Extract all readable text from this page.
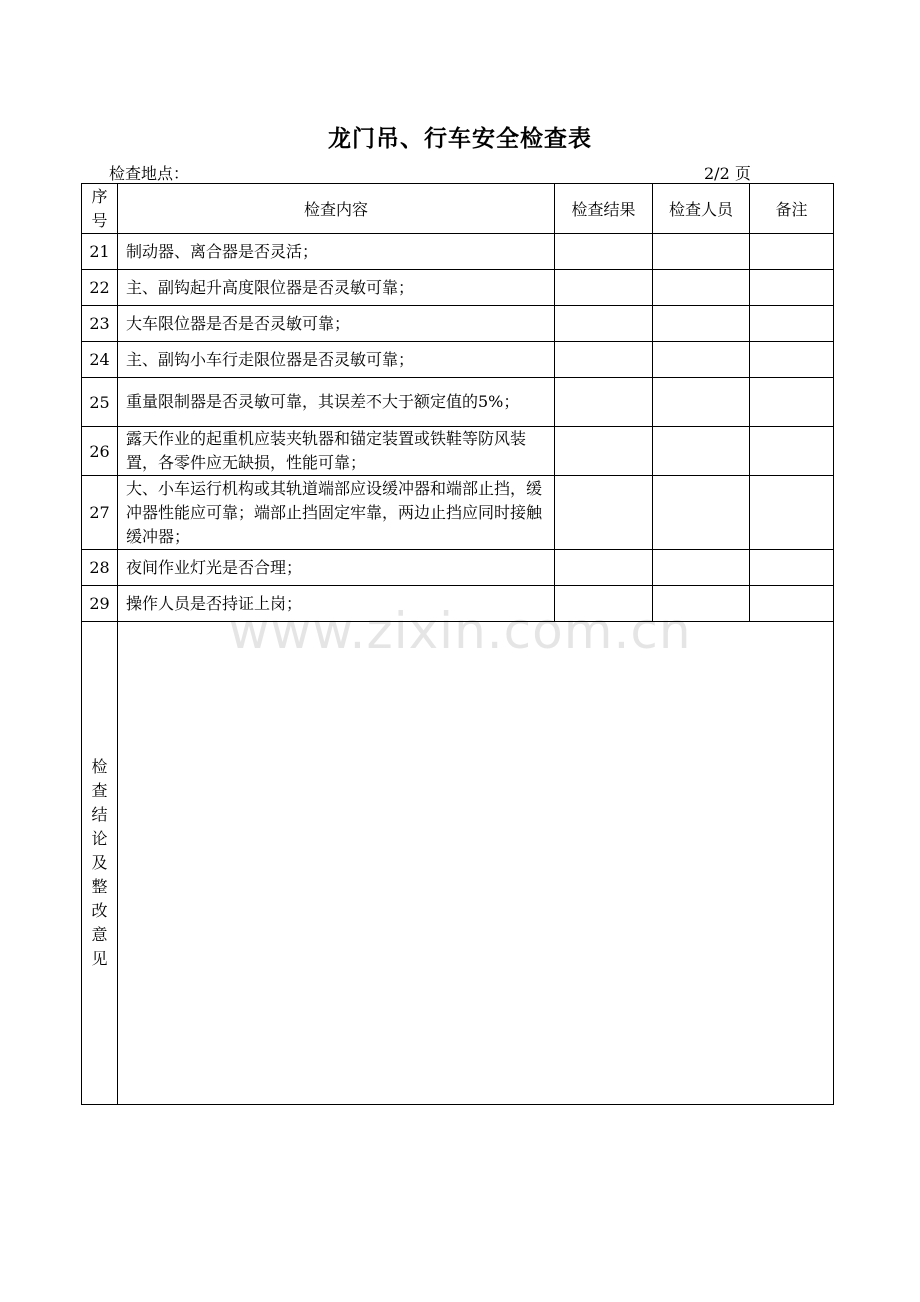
龙门吊、行车安全检查表
检查地点：	2/2 页
序号	检查内容	检查结果	检查人员	备注
21	制动器、离合器是否灵活；			
22	主、副钩起升高度限位器是否灵敏可靠；			
23	大车限位器是否是否灵敏可靠；			
24	主、副钩小车行走限位器是否灵敏可靠；			
25	重量限制器是否灵敏可靠，其误差不大于额定值的5%；			
26	露天作业的起重机应装夹轨器和锚定装置或铁鞋等防风装置，各零件应无缺损，性能可靠；			
27	大、小车运行机构或其轨道端部应设缓冲器和端部止挡，缓冲器性能应可靠；端部止挡固定牢靠，两边止挡应同时接触缓冲器；			
28	夜间作业灯光是否合理；			
29	操作人员是否持证上岗；			

检查结论及整改意见				

www.zixin.com.cn
